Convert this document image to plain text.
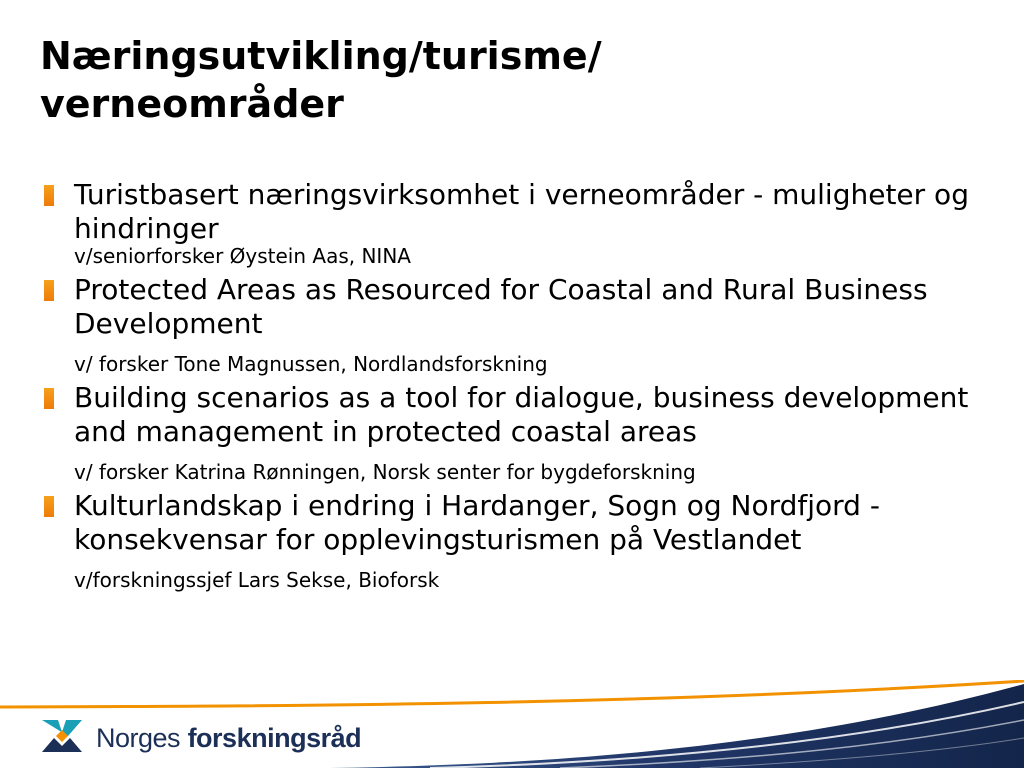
Næringsutvikling/turisme/
verneområder
Turistbasert næringsvirksomhet i verneområder - muligheter og hindringer
v/seniorforsker Øystein Aas, NINA
Protected Areas as Resourced for Coastal and Rural Business Development
v/ forsker Tone Magnussen, Nordlandsforskning
Building scenarios as a tool for dialogue, business development and management in protected coastal areas
v/ forsker Katrina Rønningen, Norsk senter for bygdeforskning
Kulturlandskap i endring i Hardanger, Sogn og Nordfjord - konsekvensar for opplevingsturismen på Vestlandet
v/forskningssjef Lars Sekse, Bioforsk
Norges forskningsråd
